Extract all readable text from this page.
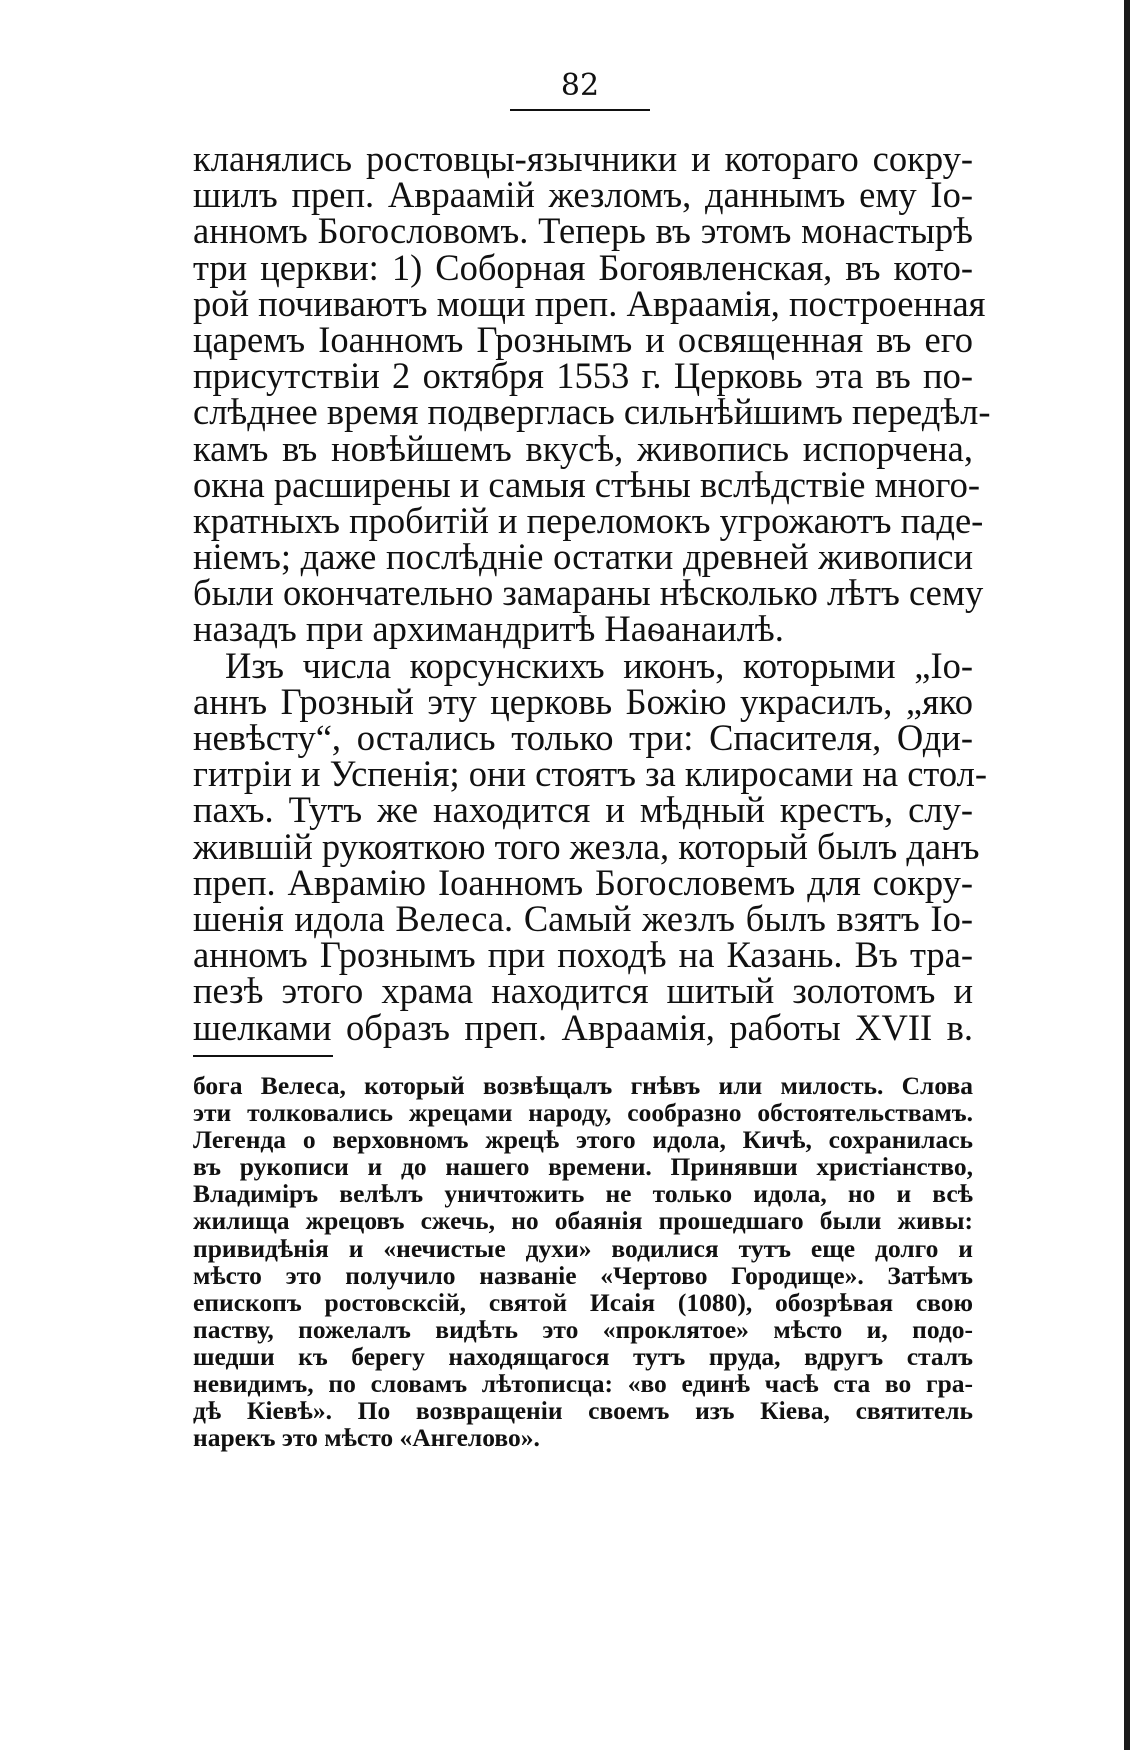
82
кланялись ростовцы-язычники и котораго сокру-
шилъ преп. Авраамій жезломъ, даннымъ ему Іо-
анномъ Богословомъ. Теперь въ этомъ монастырѣ
три церкви: 1) Соборная Богоявленская, въ кото-
рой почиваютъ мощи преп. Авраамія, построенная
царемъ Іоанномъ Грознымъ и освященная въ его
присутствіи 2 октября 1553 г. Церковь эта въ по-
слѣднее время подверглась сильнѣйшимъ передѣл-
камъ въ новѣйшемъ вкусѣ, живопись испорчена,
окна расширены и самыя стѣны вслѣдствіе много-
кратныхъ пробитій и переломокъ угрожаютъ паде-
ніемъ; даже послѣдніе остатки древней живописи
были окончательно замараны нѣсколько лѣтъ сему
назадъ при архимандритѣ Наѳанаилѣ.
Изъ числа корсунскихъ иконъ, которыми „Іо-
аннъ Грозный эту церковь Божію украсилъ, „яко
невѣсту“, остались только три: Спасителя, Оди-
гитріи и Успенія; они стоятъ за клиросами на стол-
пахъ. Тутъ же находится и мѣдный крестъ, слу-
жившій рукояткою того жезла, который былъ данъ
преп. Аврамію Іоанномъ Богословемъ для сокру-
шенія идола Велеса. Самый жезлъ былъ взятъ Іо-
анномъ Грознымъ при походѣ на Казань. Въ тра-
пезѣ этого храма находится шитый золотомъ и
шелками образъ преп. Авраамія, работы XVII в.
бога Велеса, который возвѣщалъ гнѣвъ или милость. Слова
эти толковались жрецами народу, сообразно обстоятельствамъ.
Легенда о верховномъ жрецѣ этого идола, Кичѣ, сохранилась
въ рукописи и до нашего времени. Принявши христіанство,
Владиміръ велѣлъ уничтожить не только идола, но и всѣ
жилища жрецовъ сжечь, но обаянія прошедшаго были живы:
привидѣнія и «нечистые духи» водилися тутъ еще долго и
мѣсто это получило названіе «Чертово Городище». Затѣмъ
епископъ ростовсксій, святой Исаія (1080), обозрѣвая свою
паству, пожелалъ видѣть это «проклятое» мѣсто и, подо-
шедши къ берегу находящагося тутъ пруда, вдругъ сталъ
невидимъ, по словамъ лѣтописца: «во единѣ часѣ ста во гра-
дѣ Кіевѣ». По возвращеніи своемъ изъ Кіева, святитель
нарекъ это мѣсто «Ангелово».
